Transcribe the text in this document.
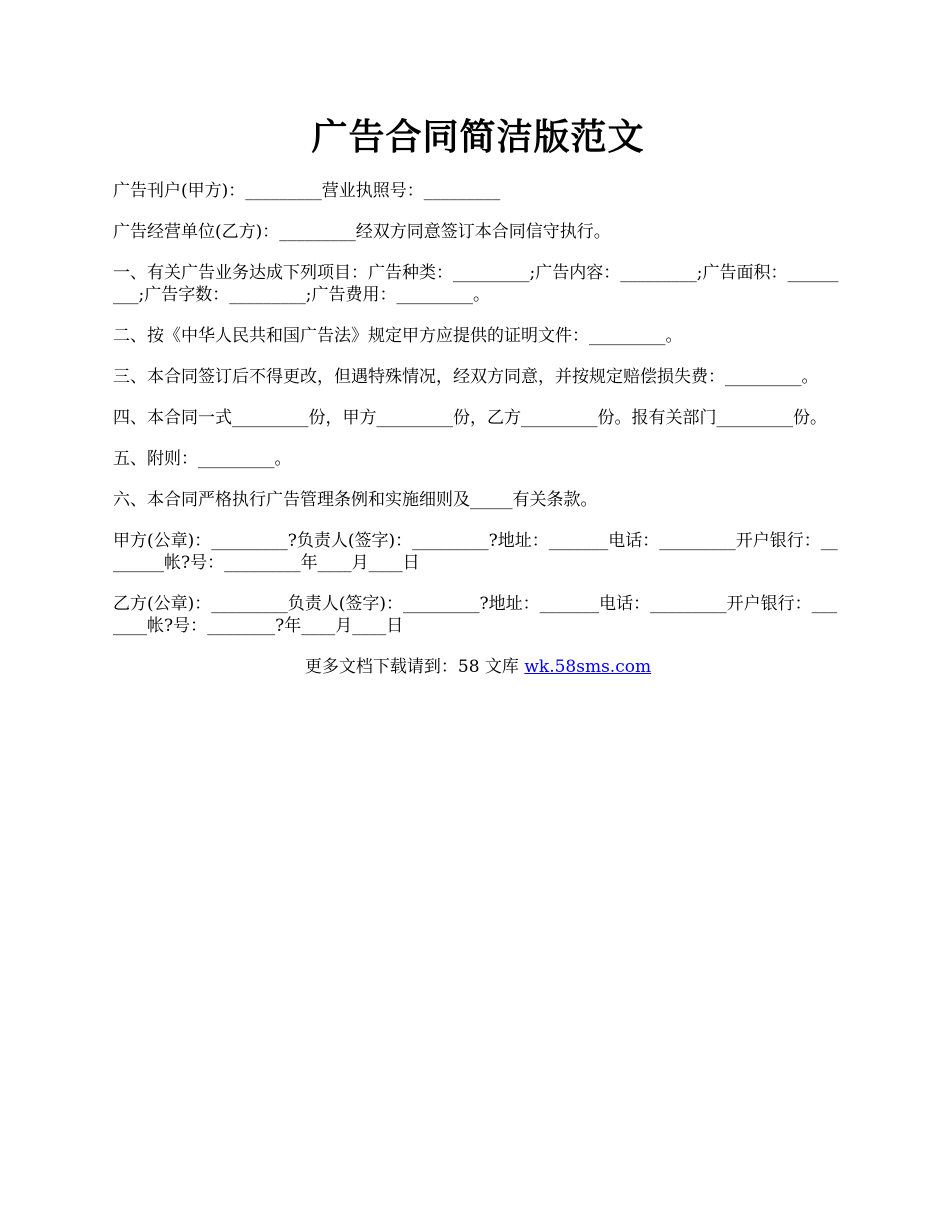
广告合同简洁版范文

广告刊户(甲方)：_________营业执照号：_________

广告经营单位(乙方)：_________经双方同意签订本合同信守执行。

一、有关广告业务达成下列项目：广告种类：_________;广告内容：_________;广告面积：_________;广告字数：_________;广告费用：_________。

二、按《中华人民共和国广告法》规定甲方应提供的证明文件：_________。

三、本合同签订后不得更改，但遇特殊情况，经双方同意，并按规定赔偿损失费：_________。

四、本合同一式_________份，甲方_________份，乙方_________份。报有关部门_________份。

五、附则：_________。

六、本合同严格执行广告管理条例和实施细则及_____有关条款。

甲方(公章)：_________?负责人(签字)：_________?地址：_______电话：_________开户银行：________帐?号：_________年____月____日

乙方(公章)：_________负责人(签字)：_________?地址：_______电话：_________开户银行：_______帐?号：________?年____月____日

更多文档下载请到：58 文库 wk.58sms.com
